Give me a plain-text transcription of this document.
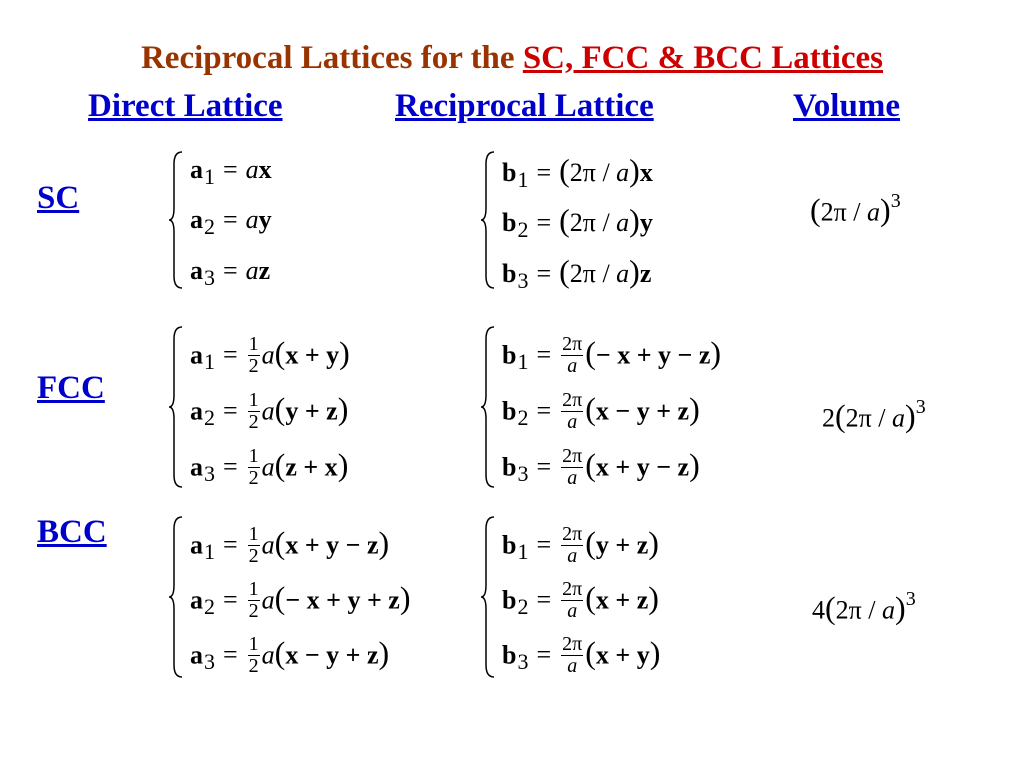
Reciprocal Lattices for the SC, FCC & BCC Lattices
Direct Lattice	Reciprocal Lattice	Volume
SC
FCC
BCC
$a_1$ = ax
$a_2$ = ay
$a_3$ = az
$b_1 = (2\pi / a)x$
$b_2 = (2\pi / a)y$
$b_3 = (2\pi / a)z$
(2π / a)$^3$
$a_1 = \frac{1}{2} a(x + y)$
$a_2 = \frac{1}{2} a(y + z)$
$a_3 = \frac{1}{2} a(z + x)$
$b_1 = \frac{2\pi}{a}$ (− x + y − z)
$b_2 = \frac{2\pi}{a} (x - y + z)$
$b_3 = \frac{2\pi}{a} (x + y - z)$
2(2π / a)$^3$
$a_1 = \frac{1}{2} a(x + y - z)$
$a_2 = \frac{1}{2} a(- x + y + z)$
$a_3 = \frac{1}{2} a(x - y + z)$
$b_1 = \frac{2\pi}{a} (y + z)$
$b_2 = \frac{2\pi}{a} (x + z)$
$b_3 = \frac{2\pi}{a} (x + y)$
4(2π / a)$^3$
